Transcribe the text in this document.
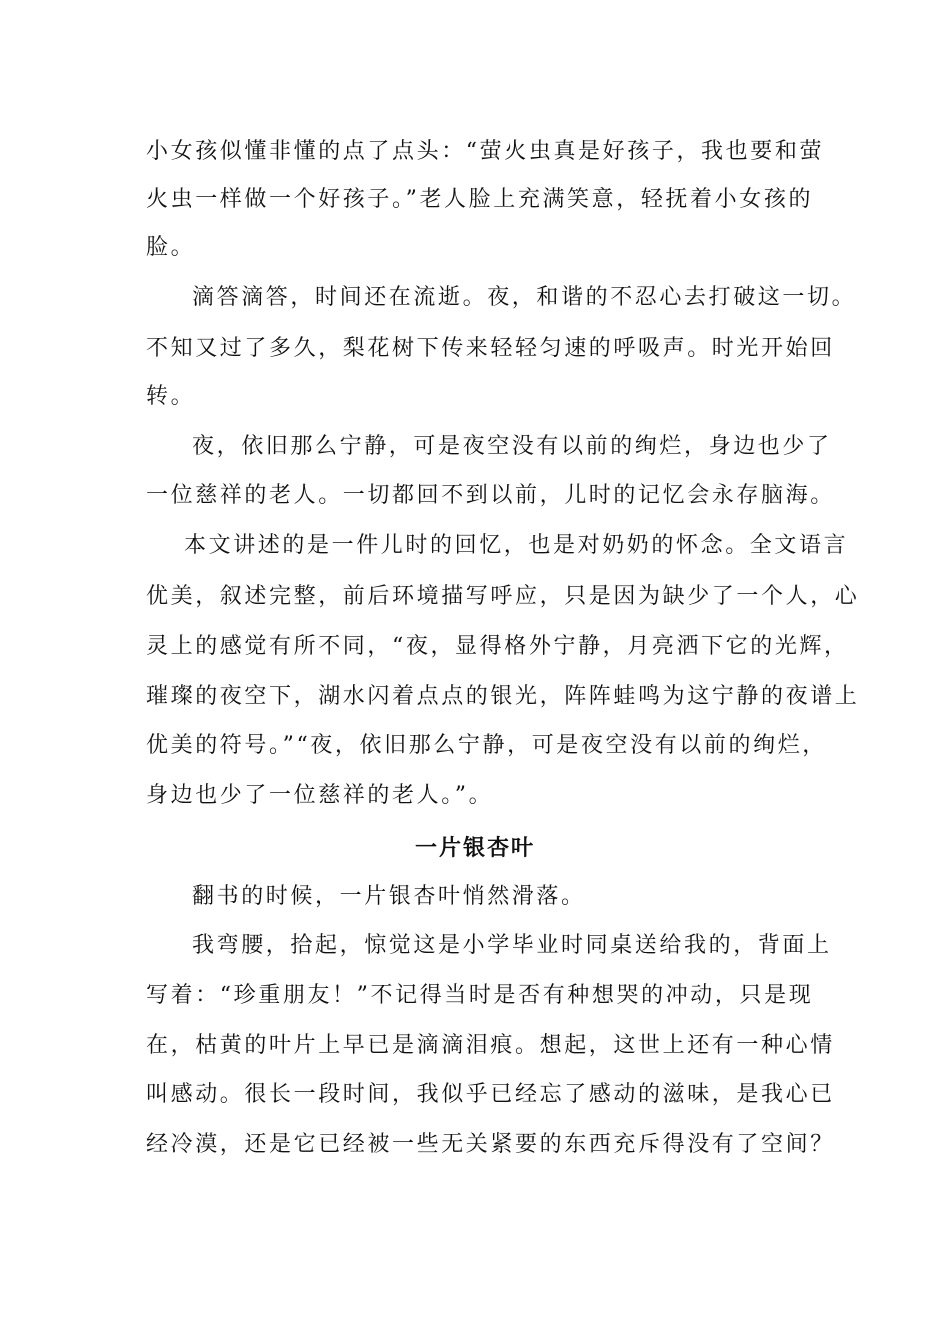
小女孩似懂非懂的点了点头：“萤火虫真是好孩子，我也要和萤
火虫一样做一个好孩子。”老人脸上充满笑意，轻抚着小女孩的
脸。
滴答滴答，时间还在流逝。夜，和谐的不忍心去打破这一切。
不知又过了多久，梨花树下传来轻轻匀速的呼吸声。时光开始回
转。
夜，依旧那么宁静，可是夜空没有以前的绚烂，身边也少了
一位慈祥的老人。一切都回不到以前，儿时的记忆会永存脑海。
本文讲述的是一件儿时的回忆，也是对奶奶的怀念。全文语言
优美，叙述完整，前后环境描写呼应，只是因为缺少了一个人，心
灵上的感觉有所不同，“夜，显得格外宁静，月亮洒下它的光辉，
璀璨的夜空下，湖水闪着点点的银光，阵阵蛙鸣为这宁静的夜谱上
优美的符号。”“夜，依旧那么宁静，可是夜空没有以前的绚烂，
身边也少了一位慈祥的老人。”。
一片银杏叶
翻书的时候，一片银杏叶悄然滑落。
我弯腰，拾起，惊觉这是小学毕业时同桌送给我的，背面上
写着：“珍重朋友！”不记得当时是否有种想哭的冲动，只是现
在，枯黄的叶片上早已是滴滴泪痕。想起，这世上还有一种心情
叫感动。很长一段时间，我似乎已经忘了感动的滋味，是我心已
经冷漠，还是它已经被一些无关紧要的东西充斥得没有了空间？
